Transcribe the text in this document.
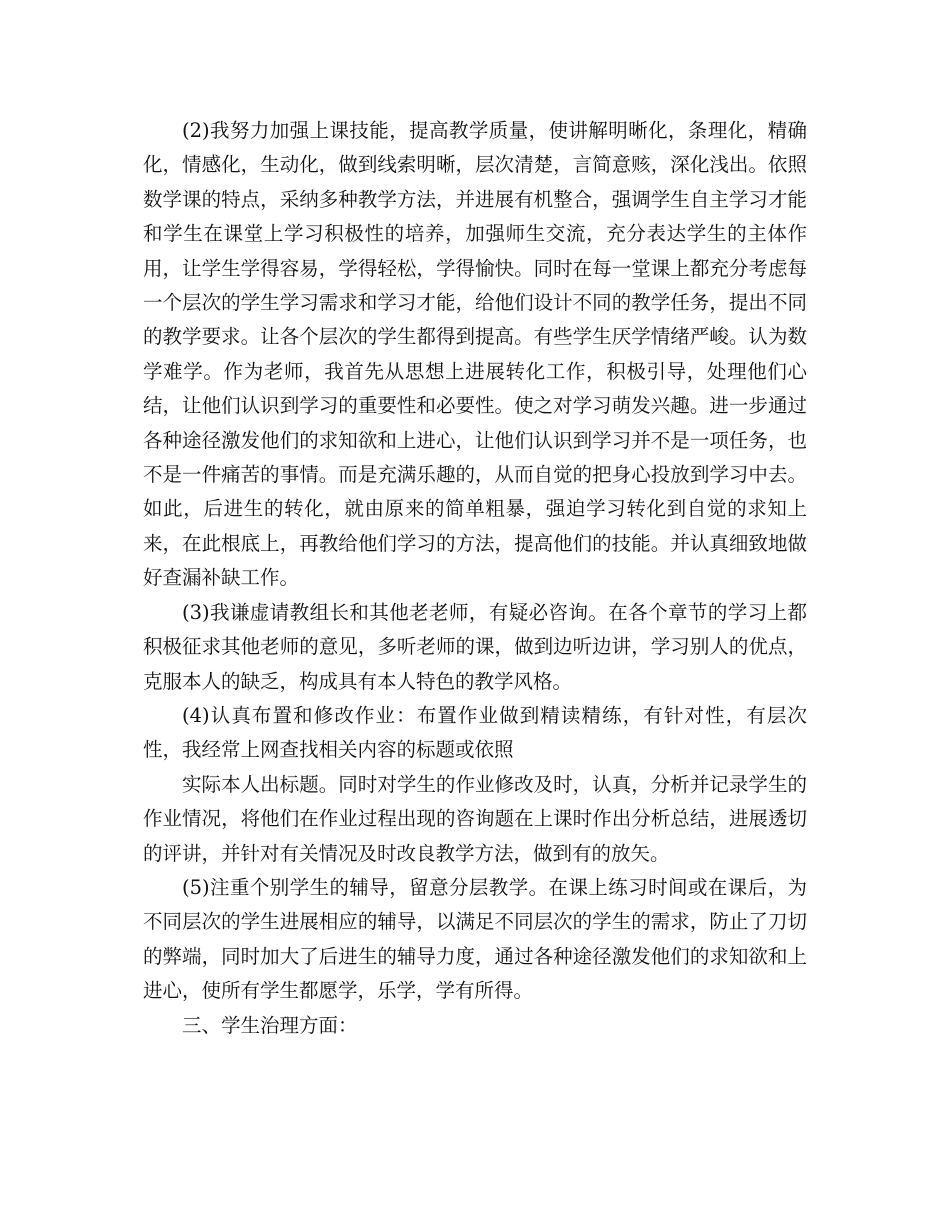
(2)我努力加强上课技能，提高教学质量，使讲解明晰化，条理化，精确化，情感化，生动化，做到线索明晰，层次清楚，言简意赅，深化浅出。依照数学课的特点，采纳多种教学方法，并进展有机整合，强调学生自主学习才能和学生在课堂上学习积极性的培养，加强师生交流，充分表达学生的主体作用，让学生学得容易，学得轻松，学得愉快。同时在每一堂课上都充分考虑每一个层次的学生学习需求和学习才能，给他们设计不同的教学任务，提出不同的教学要求。让各个层次的学生都得到提高。有些学生厌学情绪严峻。认为数学难学。作为老师，我首先从思想上进展转化工作，积极引导，处理他们心结，让他们认识到学习的重要性和必要性。使之对学习萌发兴趣。进一步通过各种途径激发他们的求知欲和上进心，让他们认识到学习并不是一项任务，也不是一件痛苦的事情。而是充满乐趣的，从而自觉的把身心投放到学习中去。如此，后进生的转化，就由原来的简单粗暴，强迫学习转化到自觉的求知上来，在此根底上，再教给他们学习的方法，提高他们的技能。并认真细致地做好查漏补缺工作。

(3)我谦虚请教组长和其他老老师，有疑必咨询。在各个章节的学习上都积极征求其他老师的意见，多听老师的课，做到边听边讲，学习别人的优点，克服本人的缺乏，构成具有本人特色的教学风格。

(4)认真布置和修改作业：布置作业做到精读精练，有针对性，有层次性，我经常上网查找相关内容的标题或依照

实际本人出标题。同时对学生的作业修改及时，认真，分析并记录学生的作业情况，将他们在作业过程出现的咨询题在上课时作出分析总结，进展透切的评讲，并针对有关情况及时改良教学方法，做到有的放矢。

(5)注重个别学生的辅导，留意分层教学。在课上练习时间或在课后，为不同层次的学生进展相应的辅导，以满足不同层次的学生的需求，防止了刀切的弊端，同时加大了后进生的辅导力度，通过各种途径激发他们的求知欲和上进心，使所有学生都愿学，乐学，学有所得。

三、学生治理方面：
